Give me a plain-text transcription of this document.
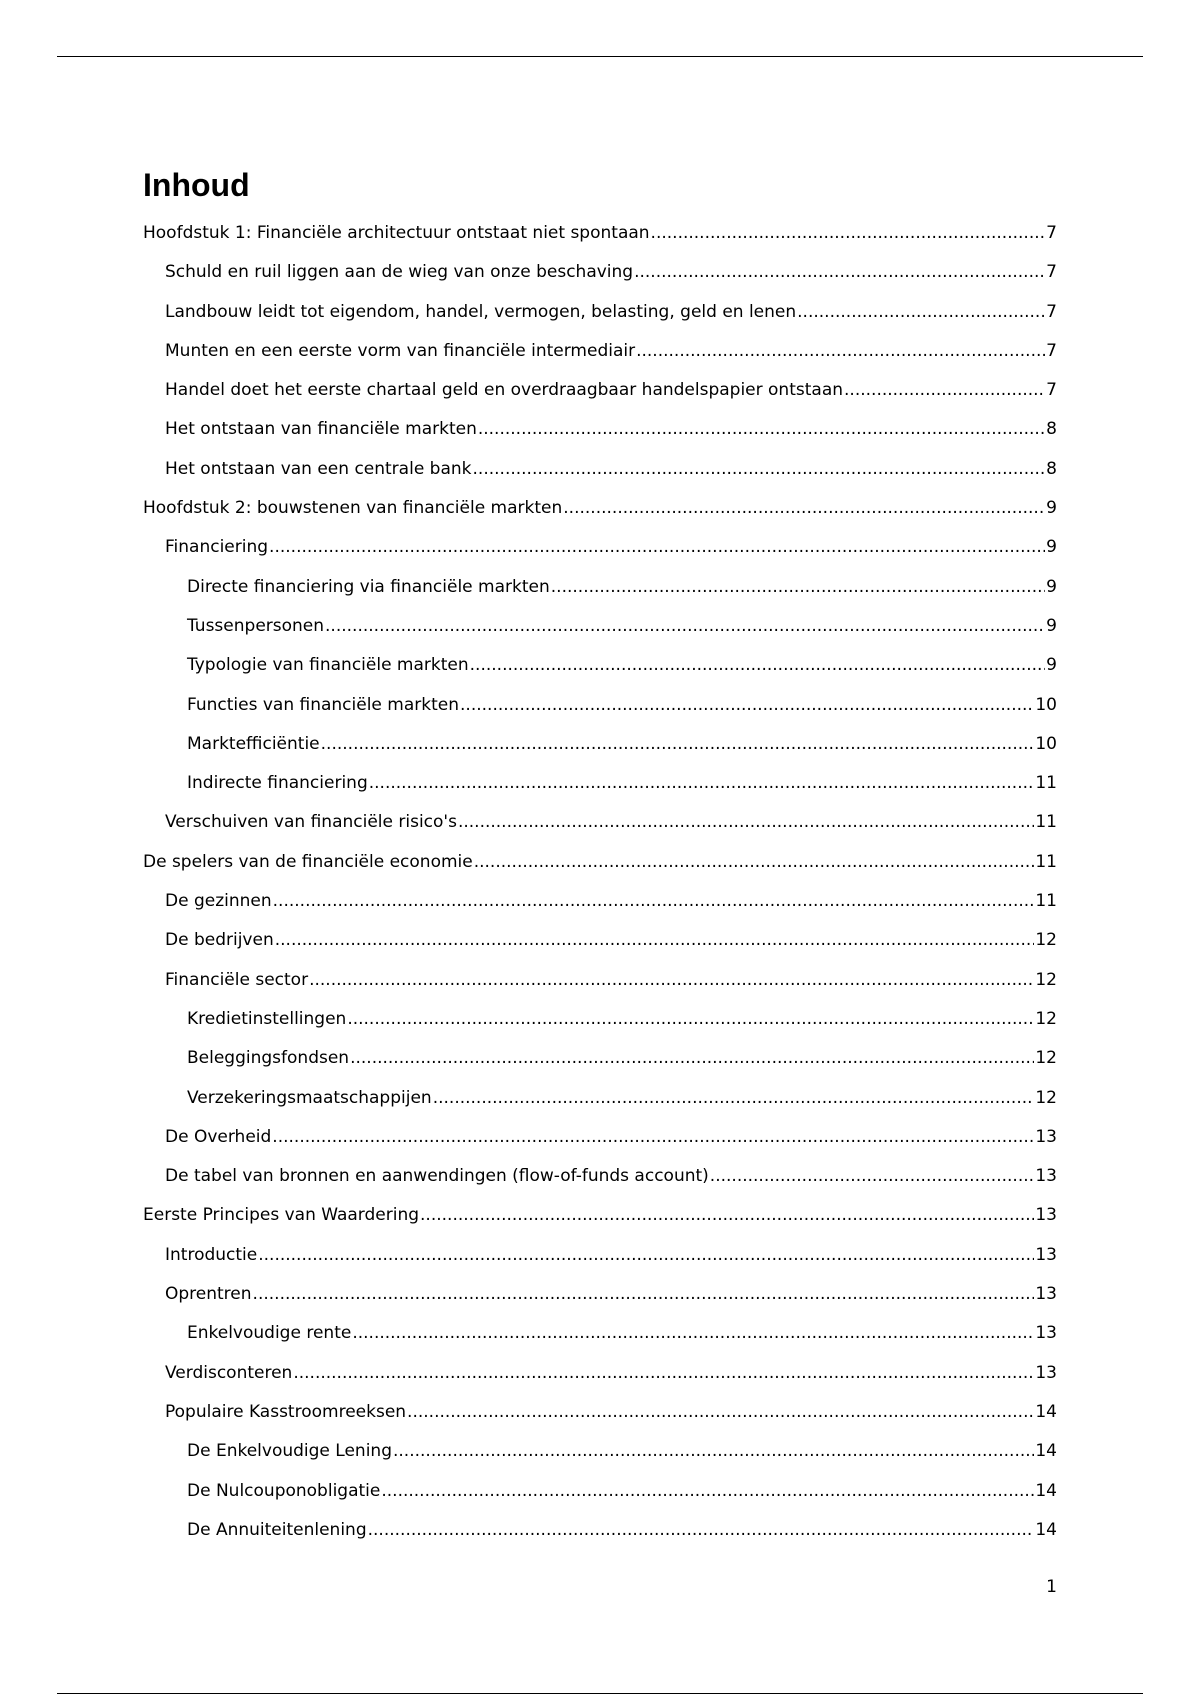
Inhoud
Hoofdstuk 1: Financiële architectuur ontstaat niet spontaan .....	7
Schuld en ruil liggen aan de wieg van onze beschaving .....	7
Landbouw leidt tot eigendom, handel, vermogen, belasting, geld en lenen .....	7
Munten en een eerste vorm van financiële intermediair .....	7
Handel doet het eerste chartaal geld en overdraagbaar handelspapier ontstaan .....	7
Het ontstaan van financiële markten .....	8
Het ontstaan van een centrale bank .....	8
Hoofdstuk 2: bouwstenen van financiële markten .....	9
Financiering .....	9
Directe financiering via financiële markten .....	9
Tussenpersonen .....	9
Typologie van financiële markten .....	9
Functies van financiële markten .....	10
Marktefficiëntie .....	10
Indirecte financiering .....	11
Verschuiven van financiële risico's .....	11
De spelers van de financiële economie .....	11
De gezinnen .....	11
De bedrijven .....	12
Financiële sector .....	12
Kredietinstellingen .....	12
Beleggingsfondsen .....	12
Verzekeringsmaatschappijen .....	12
De Overheid .....	13
De tabel van bronnen en aanwendingen (flow-of-funds account) .....	13
Eerste Principes van Waardering .....	13
Introductie .....	13
Oprentren .....	13
Enkelvoudige rente .....	13
Verdisconteren .....	13
Populaire Kasstroomreeksen .....	14
De Enkelvoudige Lening .....	14
De Nulcouponobligatie .....	14
De Annuiteitenlening .....	14
1
